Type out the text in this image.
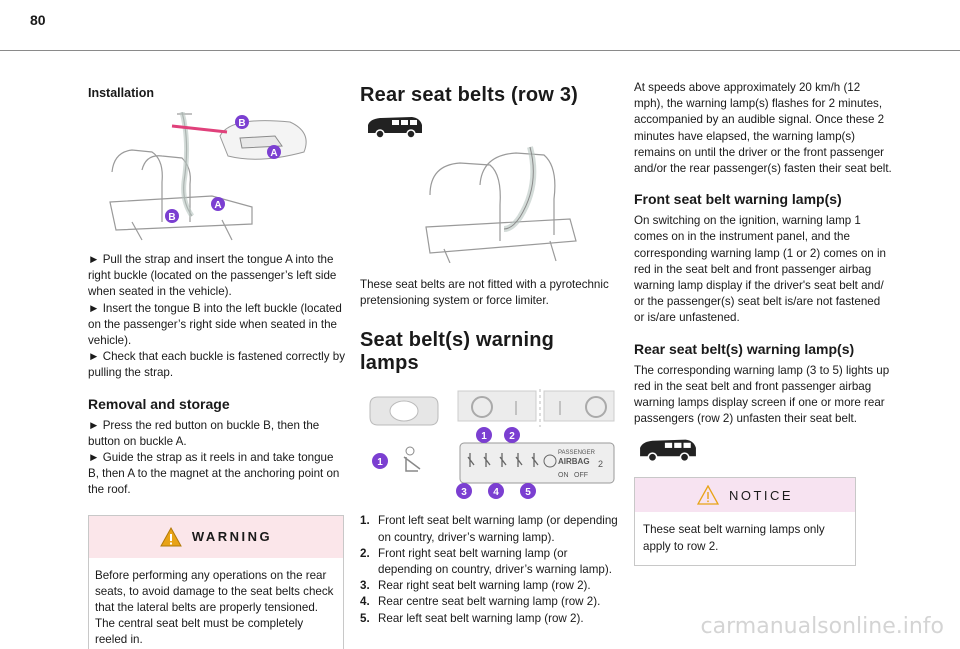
80
Installation
B
A
B
A

► Pull the strap and insert the tongue A into the right buckle (located on the passenger’s left side when seated in the vehicle).

► Insert the tongue B into the left buckle (located on the passenger’s right side when seated in the vehicle).

► Check that each buckle is fastened correctly by pulling the strap.

Removal and storage

► Press the red button on buckle B, then the button on buckle A.

► Guide the strap as it reels in and take tongue B, then A to the magnet at the anchoring point on the roof.

WARNING

Before performing any operations on the rear seats, to avoid damage to the seat belts check that the lateral belts are properly tensioned. The central seat belt must be completely reeled in.

Rear seat belts (row 3)

These seat belts are not fitted with a pyrotechnic pretensioning system or force limiter.

Seat belt(s) warning lamps
PASSENGER
AIRBAG
ON OFF
2
1
1 2
3	4	5
1. Front left seat belt warning lamp (or depending on country, driver’s warning lamp).
2. Front right seat belt warning lamp (or depending on country, driver’s warning lamp).
3. Rear right seat belt warning lamp (row 2).
4. Rear centre seat belt warning lamp (row 2).
5. Rear left seat belt warning lamp (row 2).

At speeds above approximately 20 km/h (12 mph), the warning lamp(s) flashes for 2 minutes, accompanied by an audible signal. Once these 2 minutes have elapsed, the warning lamp(s) remains on until the driver or the front passenger and/or the rear passenger(s) fasten their seat belt.

Front seat belt warning lamp(s)

On switching on the ignition, warning lamp 1 comes on in the instrument panel, and the corresponding warning lamp (1 or 2) comes on in red in the seat belt and front passenger airbag warning lamp display if the driver's seat belt and/ or the passenger(s) seat belt is/are not fastened or is/are unfastened.

Rear seat belt(s) warning lamp(s)

The corresponding warning lamp (3 to 5) lights up red in the seat belt and front passenger airbag warning lamps display screen if one or more rear passengers (row 2) unfasten their seat belt.

NOTICE

These seat belt warning lamps only apply to row 2.

carmanualsonline.info
